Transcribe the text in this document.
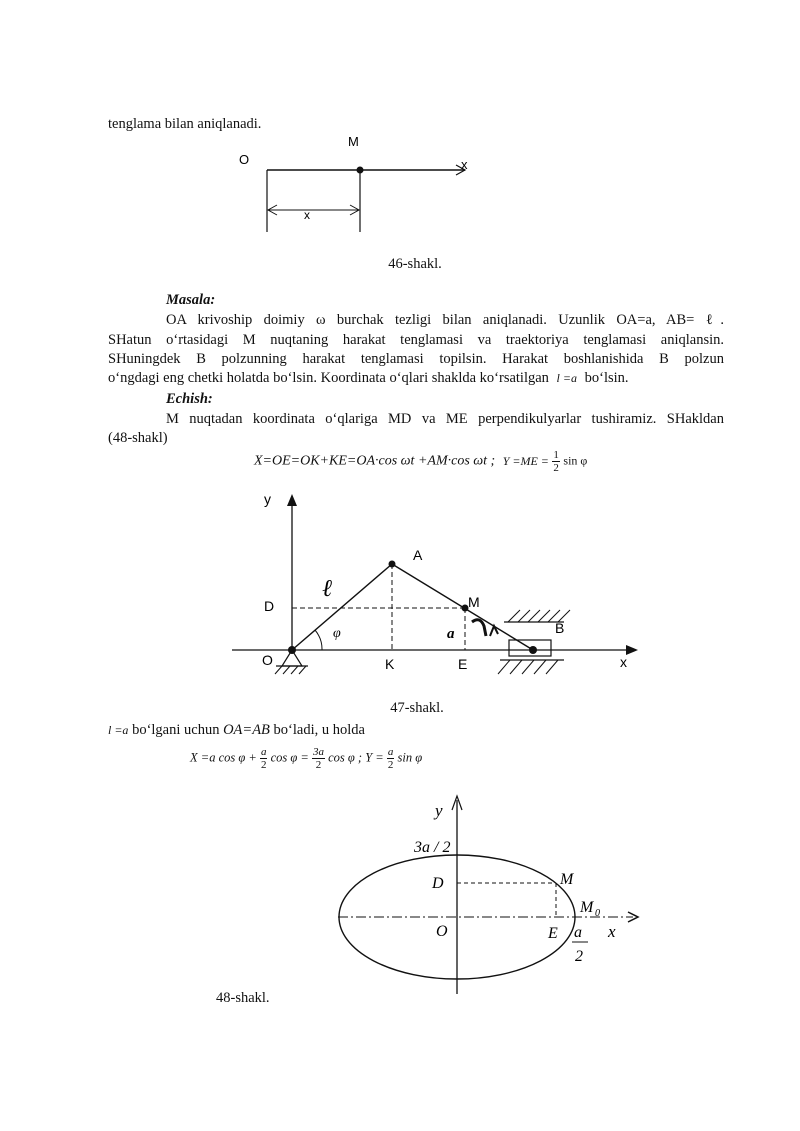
tenglama bilan aniqlanadi.
O
M
x
x
46-shakl.
Masala:
OA krivoship doimiy ω burchak tezligi bilan aniqlanadi. Uzunlik OA=a, AB= ℓ.
SHatun o‘rtasidagi M nuqtaning harakat tenglamasi va traektoriya tenglamasi aniqlansin.
SHuningdek B polzunning harakat tenglamasi topilsin. Harakat boshlanishida B polzun
o‘ngdagi eng chetki holatda bo‘lsin. Koordinata o‘qlari shaklda ko‘rsatilgan l =a bo‘lsin.
Echish:
M nuqtadan koordinata o‘qlariga MD va ME perpendikulyarlar tushiramiz. SHakldan
(48-shakl)
X=OE=OK+KE=OA·cos ωt +AM·cos ωt ; $Y =ME = \frac{1}{2}$ sin φ
y
A
ℓ
D	M
φ	a	B
O	K	E	x
47-shakl.
l =a bo‘lgani uchun OA=AB bo‘ladi, u holda
X =a $\cos \varphi + \frac{a}{2}$ $\cos \varphi = \frac{3a}{2}$ cos φ ; $Y = \frac{a}{2}$ sin φ
y
3a / 2
D	M
M 0
O	E a
2
x
48-shakl.
